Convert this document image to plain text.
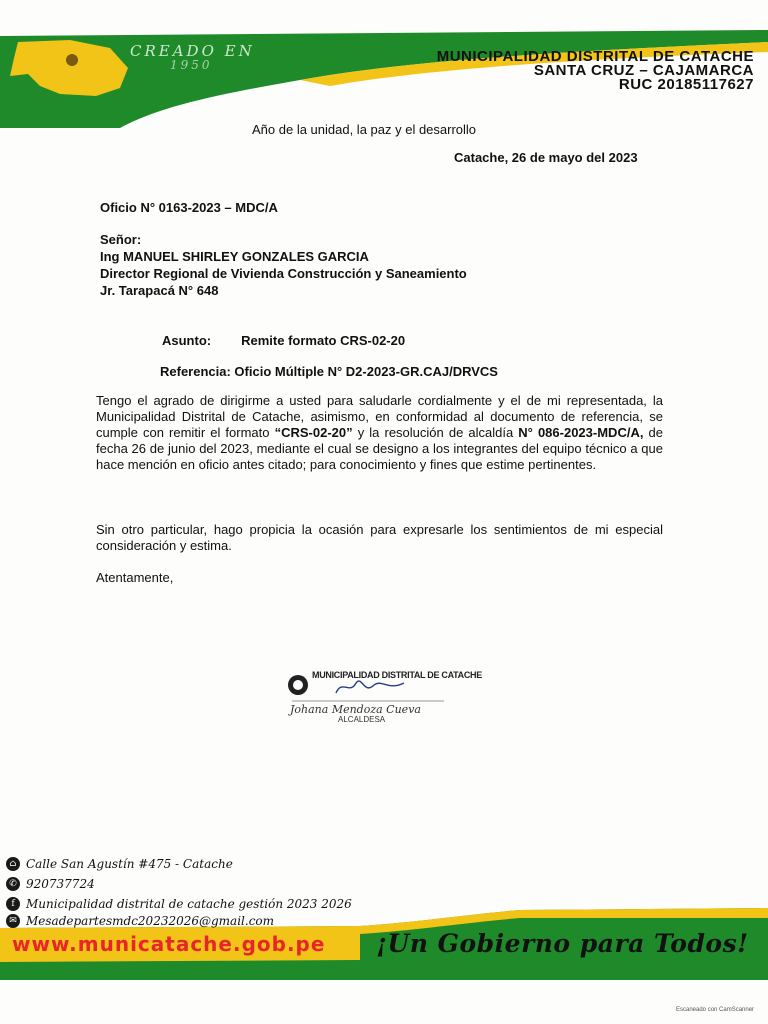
CREADO EN
1950	MUNICIPALIDAD DISTRITAL DE CATACHE
SANTA CRUZ – CAJAMARCA
RUC 20185117627
Año de la unidad, la paz y el desarrollo
Catache, 26 de mayo del 2023
Oficio N° 0163-2023 – MDC/A
Señor:
Ing MANUEL SHIRLEY GONZALES GARCIA
Director Regional de Vivienda Construcción y Saneamiento
Jr. Tarapacá N° 648
Asunto: Remite formato CRS-02-20
Referencia: Oficio Múltiple N° D2-2023-GR.CAJ/DRVCS
Tengo el agrado de dirigirme a usted para saludarle cordialmente y el de mi representada, la Municipalidad Distrital de Catache, asimismo, en conformidad al documento de referencia, se cumple con remitir el formato “CRS-02-20” y la resolución de alcaldía N° 086-2023-MDC/A, de fecha 26 de junio del 2023, mediante el cual se designo a los integrantes del equipo técnico a que hace mención en oficio antes citado; para conocimiento y fines que estime pertinentes.
Sin otro particular, hago propicia la ocasión para expresarle los sentimientos de mi especial consideración y estima.
Atentamente,
MUNICIPALIDAD DISTRITAL DE CATACHE
Johana Mendoza Cueva
ALCALDESA
⌂ Calle San Agustín #475 - Catache
✆ 920737724
f Municipalidad distrital de catache gestión 2023 2026
✉ Mesadepartesmdc20232026@gmail.com
www.municatache.gob.pe ¡Un Gobierno para Todos!
Escaneado con CamScanner
